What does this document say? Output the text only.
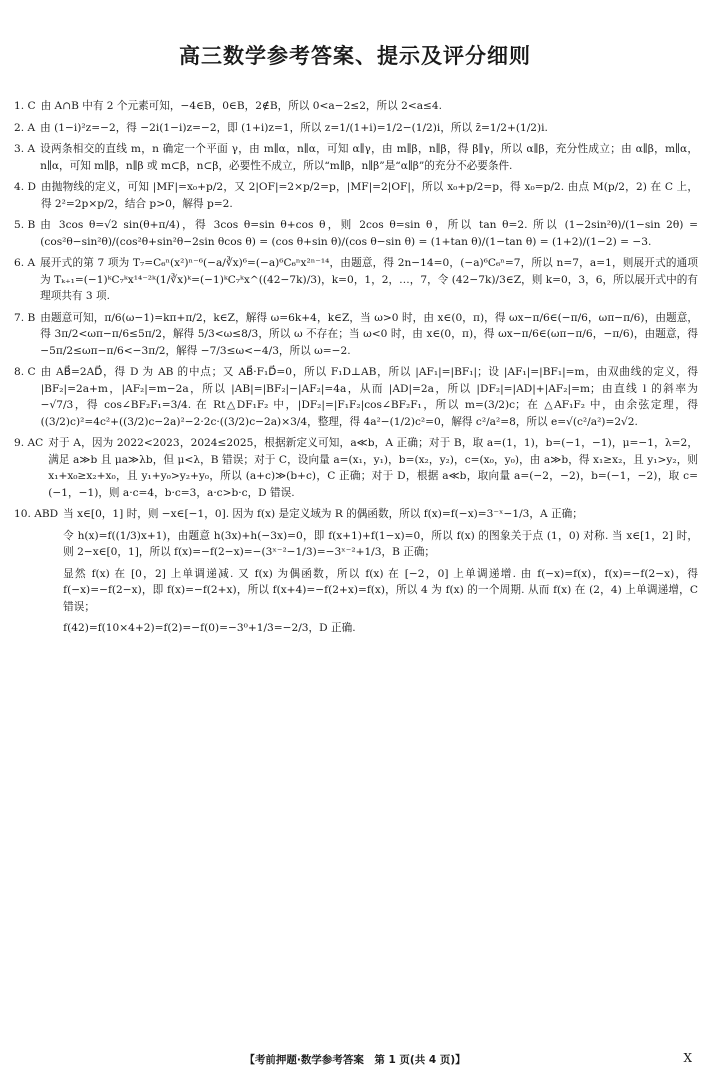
高三数学参考答案、提示及评分细则
1. C 由 A∩B 中有 2 个元素可知，−4∈B，0∈B，2∉B，所以 0<a−2≤2，所以 2<a≤4.

2. A 由 (1−i)²z=−2，得 −2i(1−i)z=−2，即 (1+i)z=1，所以 z=1/(1+i)=1/2−(1/2)i，所以 z̄=1/2+(1/2)i.

3. A 设两条相交的直线 m，n 确定一个平面 γ，由 m∥α，n∥α，可知 α∥γ，由 m∥β，n∥β，得 β∥γ，所以 α∥β，充分性成立；由 α∥β，m∥α，n∥α，可知 m∥β，n∥β 或 m⊂β，n⊂β，必要性不成立，所以“m∥β，n∥β”是“α∥β”的充分不必要条件.

4. D 由抛物线的定义，可知 |MF|=x₀+p/2，又 2|OF|=2×p/2=p，|MF|=2|OF|，所以 x₀+p/2=p，得 x₀=p/2. 由点 M(p/2，2) 在 C 上，得 2²=2p×p/2，结合 p>0，解得 p=2.

5. B 由 3cos θ=√2 sin(θ+π/4)，得 3cos θ=sin θ+cos θ，则 2cos θ=sin θ，所以 tan θ=2. 所以 (1−2sin²θ)/(1−sin 2θ) = (cos²θ−sin²θ)/(cos²θ+sin²θ−2sin θcos θ) = (cos θ+sin θ)/(cos θ−sin θ) = (1+tan θ)/(1−tan θ) = (1+2)/(1−2) = −3.

6. A 展开式的第 7 项为 T₇=C₆ⁿ(x²)ⁿ⁻⁶(−a/∛x)⁶=(−a)⁶C₆ⁿx²ⁿ⁻¹⁴，由题意，得 2n−14=0，(−a)⁶C₆ⁿ=7，所以 n=7，a=1，则展开式的通项为 Tₖ₊₁=(−1)ᵏC₇ᵏx¹⁴⁻²ᵏ(1/∛x)ᵏ=(−1)ᵏC₇ᵏx^((42−7k)/3)，k=0，1，2，…，7，令 (42−7k)/3∈Z，则 k=0，3，6，所以展开式中的有理项共有 3 项.

7. B 由题意可知，π/6(ω−1)=kπ+π/2，k∈Z，解得 ω=6k+4，k∈Z，当 ω>0 时，由 x∈(0，π)，得 ωx−π/6∈(−π/6，ωπ−π/6)，由题意，得 3π/2<ωπ−π/6≤5π/2，解得 5/3<ω≤8/3，所以 ω 不存在；当 ω<0 时，由 x∈(0，π)，得 ωx−π/6∈(ωπ−π/6，−π/6)，由题意，得 −5π/2≤ωπ−π/6<−3π/2，解得 −7/3≤ω<−4/3，所以 ω=−2.

8. C 由 AB⃗=2AD⃗，得 D 为 AB 的中点；又 AB⃗·F₁D⃗=0，所以 F₁D⊥AB，所以 |AF₁|=|BF₁|；设 |AF₁|=|BF₁|=m，由双曲线的定义，得 |BF₂|=2a+m，|AF₂|=m−2a，所以 |AB|=|BF₂|−|AF₂|=4a，从而 |AD|=2a，所以 |DF₂|=|AD|+|AF₂|=m；由直线 l 的斜率为 −√7/3，得 cos∠BF₂F₁=3/4. 在 Rt△DF₁F₂ 中，|DF₂|=|F₁F₂|cos∠BF₂F₁，所以 m=(3/2)c；在 △AF₁F₂ 中，由余弦定理，得 ((3/2)c)²=4c²+((3/2)c−2a)²−2·2c·((3/2)c−2a)×3/4，整理，得 4a²−(1/2)c²=0，解得 c²/a²=8，所以 e=√(c²/a²)=2√2.

9. AC 对于 A，因为 2022<2023，2024≤2025，根据新定义可知，a≪b，A 正确；对于 B，取 a=(1，1)，b=(−1，−1)，μ=−1，λ=2，满足 a≫b 且 μa≫λb，但 μ<λ，B 错误；对于 C，设向量 a=(x₁，y₁)，b=(x₂，y₂)，c=(x₀，y₀)，由 a≫b，得 x₁≥x₂，且 y₁>y₂，则 x₁+x₀≥x₂+x₀，且 y₁+y₀>y₂+y₀，所以 (a+c)≫(b+c)，C 正确；对于 D，根据 a≪b，取向量 a=(−2，−2)，b=(−1，−2)，取 c=(−1，−1)，则 a·c=4，b·c=3，a·c>b·c，D 错误.

10. ABD 当 x∈[0，1] 时，则 −x∈[−1，0]. 因为 f(x) 是定义域为 R 的偶函数，所以 f(x)=f(−x)=3⁻ˣ−1/3，A 正确；

令 h(x)=f((1/3)x+1)，由题意 h(3x)+h(−3x)=0，即 f(x+1)+f(1−x)=0，所以 f(x) 的图象关于点 (1，0) 对称. 当 x∈[1，2] 时，则 2−x∈[0，1]，所以 f(x)=−f(2−x)=−(3ˣ⁻²−1/3)=−3ˣ⁻²+1/3，B 正确；

显然 f(x) 在 [0，2] 上单调递减. 又 f(x) 为偶函数，所以 f(x) 在 [−2，0] 上单调递增. 由 f(−x)=f(x)，f(x)=−f(2−x)，得 f(−x)=−f(2−x)，即 f(x)=−f(2+x)，所以 f(x+4)=−f(2+x)=f(x)，所以 4 为 f(x) 的一个周期. 从而 f(x) 在 (2，4) 上单调递增，C 错误；

f(42)=f(10×4+2)=f(2)=−f(0)=−3⁰+1/3=−2/3，D 正确.

【考前押题·数学参考答案　第 1 页(共 4 页)】	X
